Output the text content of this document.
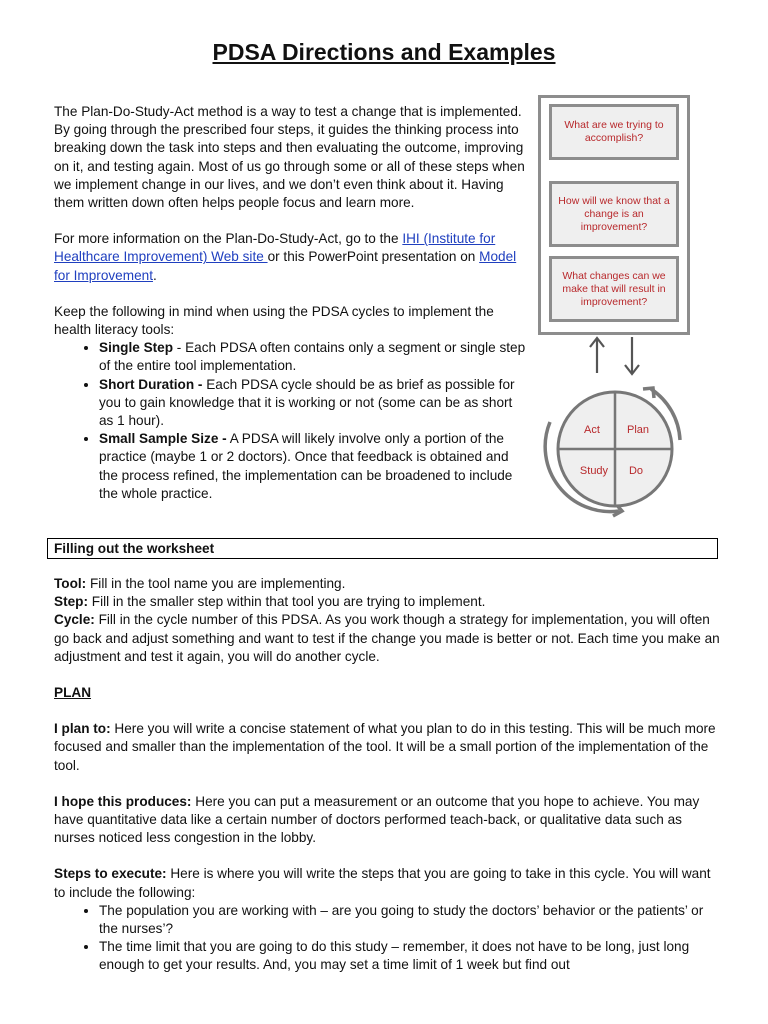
PDSA Directions and Examples
The Plan-Do-Study-Act method is a way to test a change that is implemented. By going through the prescribed four steps, it guides the thinking process into breaking down the task into steps and then evaluating the outcome, improving on it, and testing again. Most of us go through some or all of these steps when we implement change in our lives, and we don’t even think about it. Having them written down often helps people focus and learn more.
For more information on the Plan-Do-Study-Act, go to the IHI (Institute for Healthcare Improvement) Web site or this PowerPoint presentation on Model for Improvement.
Keep the following in mind when using the PDSA cycles to implement the health literacy tools:
• Single Step - Each PDSA often contains only a segment or single step of the entire tool implementation.
• Short Duration - Each PDSA cycle should be as brief as possible for you to gain knowledge that it is working or not (some can be as short as 1 hour).
• Small Sample Size - A PDSA will likely involve only a portion of the practice (maybe 1 or 2 doctors). Once that feedback is obtained and the process refined, the implementation can be broadened to include the whole practice.
What are we trying to accomplish?
How will we know that a change is an improvement?
What changes can we make that will result in improvement?
Act Plan
Study Do
Filling out the worksheet

Tool: Fill in the tool name you are implementing.

Step: Fill in the smaller step within that tool you are trying to implement.

Cycle: Fill in the cycle number of this PDSA. As you work though a strategy for implementation, you will often go back and adjust something and want to test if the change you made is better or not. Each time you make an adjustment and test it again, you will do another cycle.

PLAN

I plan to: Here you will write a concise statement of what you plan to do in this testing. This will be much more focused and smaller than the implementation of the tool. It will be a small portion of the implementation of the tool.

I hope this produces: Here you can put a measurement or an outcome that you hope to achieve. You may have quantitative data like a certain number of doctors performed teach-back, or qualitative data such as nurses noticed less congestion in the lobby.

Steps to execute: Here is where you will write the steps that you are going to take in this cycle. You will want to include the following:

• The population you are working with – are you going to study the doctors’ behavior or the patients’ or the nurses’?
• The time limit that you are going to do this study – remember, it does not have to be long, just long enough to get your results. And, you may set a time limit of 1 week but find out
